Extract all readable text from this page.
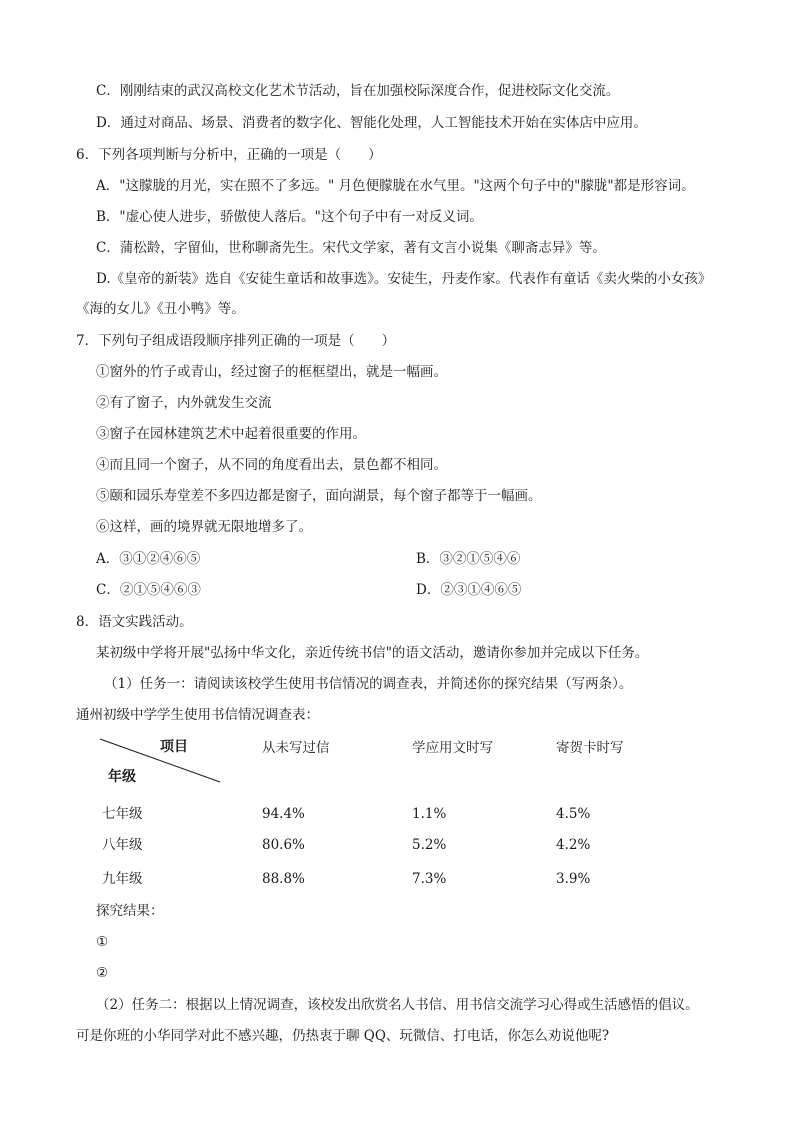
C．刚刚结束的武汉高校文化艺术节活动，旨在加强校际深度合作，促进校际文化交流。
D．通过对商品、场景、消费者的数字化、智能化处理，人工智能技术开始在实体店中应用。
6．下列各项判断与分析中，正确的一项是（　　）
A．"这朦胧的月光，实在照不了多远。" 月色便朦胧在水气里。"这两个句子中的"朦胧"都是形容词。
B．"虚心使人进步，骄傲使人落后。"这个句子中有一对反义词。
C．蒲松龄，字留仙，世称聊斋先生。宋代文学家，著有文言小说集《聊斋志异》等。
D.《皇帝的新装》选自《安徒生童话和故事选》。安徒生，丹麦作家。代表作有童话《卖火柴的小女孩》
《海的女儿》《丑小鸭》等。
7．下列句子组成语段顺序排列正确的一项是（　　）
①窗外的竹子或青山，经过窗子的框框望出，就是一幅画。
②有了窗子，内外就发生交流
③窗子在园林建筑艺术中起着很重要的作用。
④而且同一个窗子，从不同的角度看出去，景色都不相同。
⑤颐和园乐寿堂差不多四边都是窗子，面向湖景，每个窗子都等于一幅画。
⑥这样，画的境界就无限地增多了。
A．③①②④⑥⑤	B．③②①⑤④⑥
C．②①⑤④⑥③	D．②③①④⑥⑤
8．语文实践活动。
某初级中学将开展"弘扬中华文化，亲近传统书信"的语文活动，邀请你参加并完成以下任务。
（1）任务一：请阅读该校学生使用书信情况的调查表，并简述你的探究结果（写两条）。
通州初级中学学生使用书信情况调查表：
项目
年级
从未写过信	学应用文时写	寄贺卡时写
七年级	94.4%	1.1%	4.5%
八年级	80.6%	5.2%	4.2%
九年级	88.8%	7.3%	3.9%
探究结果：
①
②
（2）任务二：根据以上情况调查，该校发出欣赏名人书信、用书信交流学习心得或生活感悟的倡议。
可是你班的小华同学对此不感兴趣，仍热衷于聊 QQ、玩微信、打电话，你怎么劝说他呢?
